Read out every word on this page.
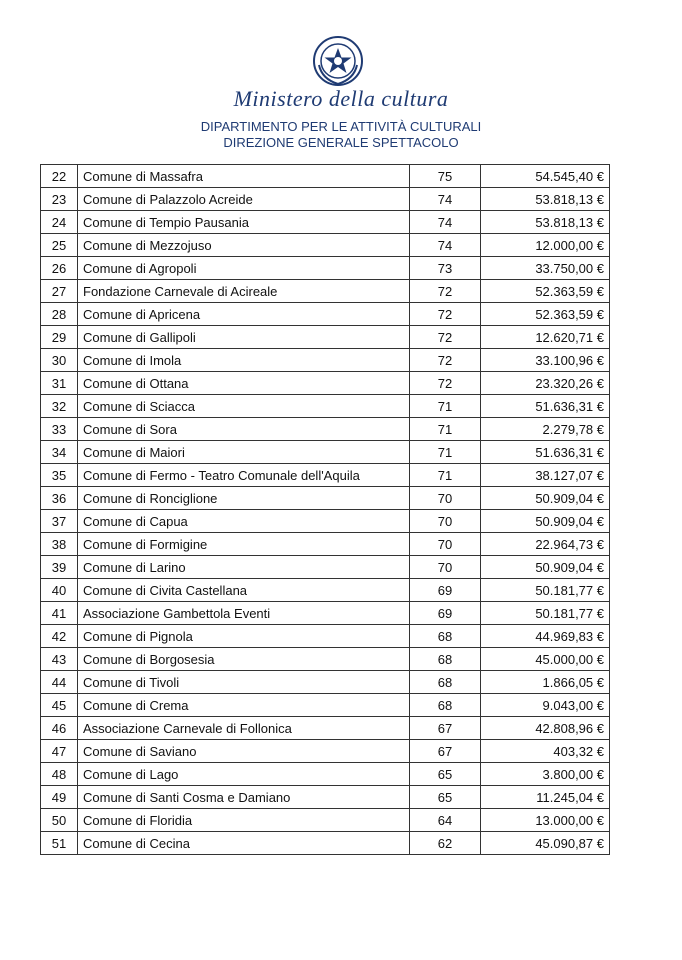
Ministero della cultura
DIPARTIMENTO PER LE ATTIVITÀ CULTURALI
DIREZIONE GENERALE SPETTACOLO
22	Comune di Massafra	75	54.545,40 €
23	Comune di Palazzolo Acreide	74	53.818,13 €
24	Comune di Tempio Pausania	74	53.818,13 €
25	Comune di Mezzojuso	74	12.000,00 €
26	Comune di Agropoli	73	33.750,00 €
27	Fondazione Carnevale di Acireale	72	52.363,59 €
28	Comune di Apricena	72	52.363,59 €
29	Comune di Gallipoli	72	12.620,71 €
30	Comune di Imola	72	33.100,96 €
31	Comune di Ottana	72	23.320,26 €
32	Comune di Sciacca	71	51.636,31 €
33	Comune di Sora	71	2.279,78 €
34	Comune di Maiori	71	51.636,31 €
35	Comune di Fermo - Teatro Comunale dell'Aquila	71	38.127,07 €
36	Comune di Ronciglione	70	50.909,04 €
37	Comune di Capua	70	50.909,04 €
38	Comune di Formigine	70	22.964,73 €
39	Comune di Larino	70	50.909,04 €
40	Comune di Civita Castellana	69	50.181,77 €
41	Associazione Gambettola Eventi	69	50.181,77 €
42	Comune di Pignola	68	44.969,83 €
43	Comune di Borgosesia	68	45.000,00 €
44	Comune di Tivoli	68	1.866,05 €
45	Comune di Crema	68	9.043,00 €
46	Associazione Carnevale di Follonica	67	42.808,96 €
47	Comune di Saviano	67	403,32 €
48	Comune di Lago	65	3.800,00 €
49	Comune di Santi Cosma e Damiano	65	11.245,04 €
50	Comune di Floridia	64	13.000,00 €
51	Comune di Cecina	62	45.090,87 €
